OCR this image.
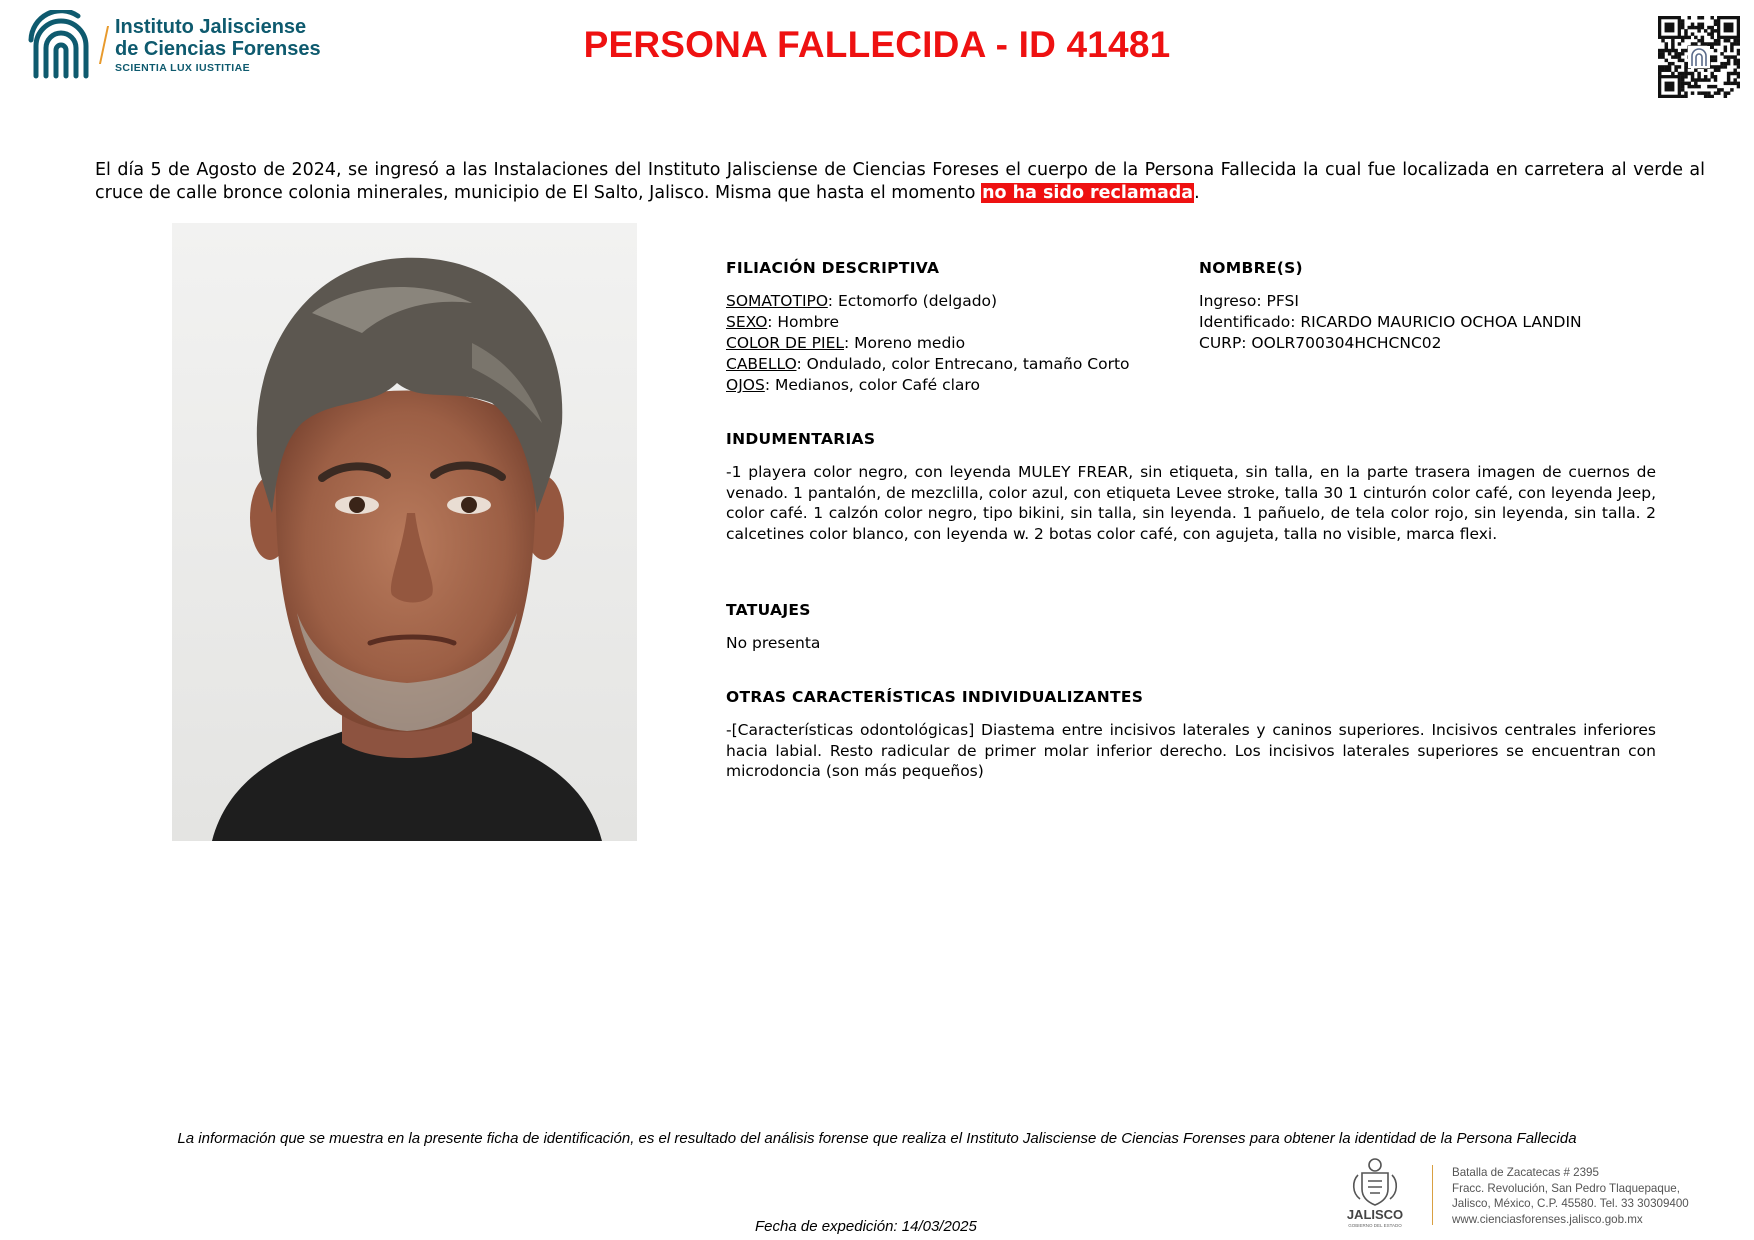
Instituto Jalisciense
de Ciencias Forenses
SCIENTIA LUX IUSTITIAE
PERSONA FALLECIDA - ID 41481

El día 5 de Agosto de 2024, se ingresó a las Instalaciones del Instituto Jalisciense de Ciencias Foreses el cuerpo de la Persona Fallecida la cual fue localizada en carretera al verde al cruce de calle bronce colonia minerales, municipio de El Salto, Jalisco. Misma que hasta el momento no ha sido reclamada.

FILIACIÓN DESCRIPTIVA
SOMATOTIPO: Ectomorfo (delgado)
SEXO: Hombre
COLOR DE PIEL: Moreno medio
CABELLO: Ondulado, color Entrecano, tamaño Corto
OJOS: Medianos, color Café claro
NOMBRE(S)
Ingreso: PFSI
Identificado: RICARDO MAURICIO OCHOA LANDIN
CURP: OOLR700304HCHCNC02
INDUMENTARIAS

-1 playera color negro, con leyenda MULEY FREAR, sin etiqueta, sin talla, en la parte trasera imagen de cuernos de venado. 1 pantalón, de mezclilla, color azul, con etiqueta Levee stroke, talla 30 1 cinturón color café, con leyenda Jeep, color café. 1 calzón color negro, tipo bikini, sin talla, sin leyenda. 1 pañuelo, de tela color rojo, sin leyenda, sin talla. 2 calcetines color blanco, con leyenda w. 2 botas color café, con agujeta, talla no visible, marca flexi.

TATUAJES

No presenta

OTRAS CARACTERÍSTICAS INDIVIDUALIZANTES

-[Características odontológicas] Diastema entre incisivos laterales y caninos superiores. Incisivos centrales inferiores hacia labial. Resto radicular de primer molar inferior derecho. Los incisivos laterales superiores se encuentran con microdoncia (son más pequeños)

La información que se muestra en la presente ficha de identificación, es el resultado del análisis forense que realiza el Instituto Jalisciense de Ciencias Forenses para obtener la identidad de la Persona Fallecida
JALISCO
GOBIERNO DEL ESTADO
Batalla de Zacatecas # 2395
Fracc. Revolución, San Pedro Tlaquepaque,
Jalisco, México, C.P. 45580. Tel. 33 30309400
www.cienciasforenses.jalisco.gob.mx
Fecha de expedición: 14/03/2025
